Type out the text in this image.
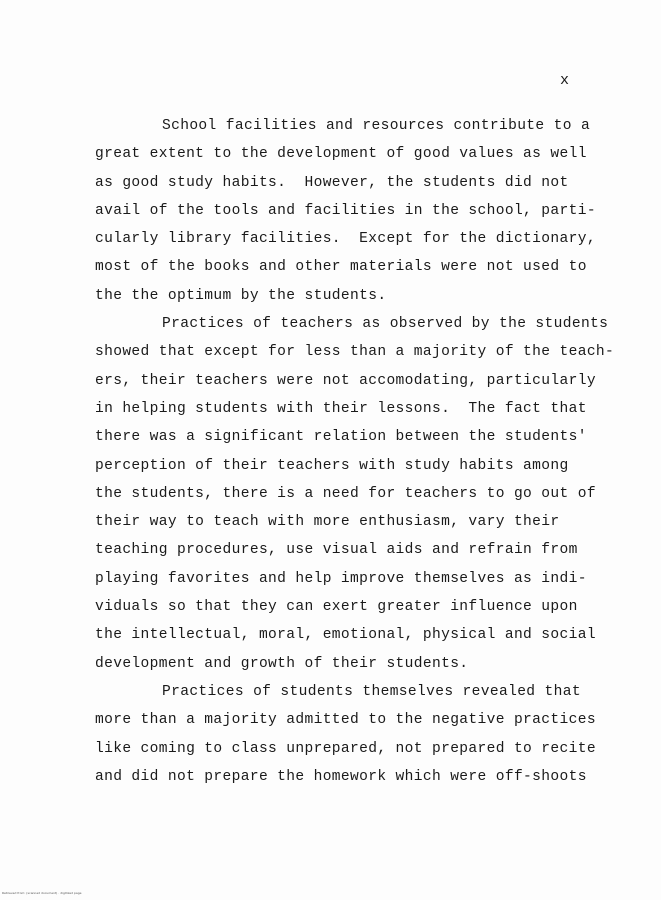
x
School facilities and resources contribute to a
great extent to the development of good values as well
as good study habits.  However, the students did not
avail of the tools and facilities in the school, parti-
cularly library facilities.  Except for the dictionary,
most of the books and other materials were not used to
the the optimum by the students.
Practices of teachers as observed by the students
showed that except for less than a majority of the teach-
ers, their teachers were not accomodating, particularly
in helping students with their lessons.  The fact that
there was a significant relation between the students'
perception of their teachers with study habits among
the students, there is a need for teachers to go out of
their way to teach with more enthusiasm, vary their
teaching procedures, use visual aids and refrain from
playing favorites and help improve themselves as indi-
viduals so that they can exert greater influence upon
the intellectual, moral, emotional, physical and social
development and growth of their students.
Practices of students themselves revealed that
more than a majority admitted to the negative practices
like coming to class unprepared, not prepared to recite
and did not prepare the homework which were off-shoots
Retrieved from: (scanned document) · digitized page
